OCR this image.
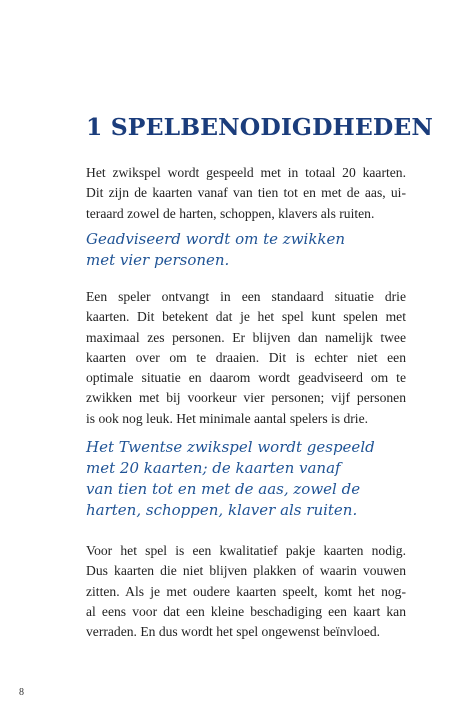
1 SPELBENODIGDHEDEN

Het zwikspel wordt gespeeld met in totaal 20 kaarten.
Dit zijn de kaarten vanaf van tien tot en met de aas, ui-
teraard zowel de harten, schoppen, klavers als ruiten.

Geadviseerd wordt om te zwikken
met vier personen.

Een speler ontvangt in een standaard situatie drie
kaarten. Dit betekent dat je het spel kunt spelen met
maximaal zes personen. Er blijven dan namelijk twee
kaarten over om te draaien. Dit is echter niet een
optimale situatie en daarom wordt geadviseerd om te
zwikken met bij voorkeur vier personen; vijf personen
is ook nog leuk. Het minimale aantal spelers is drie.

Het Twentse zwikspel wordt gespeeld
met 20 kaarten; de kaarten vanaf
van tien tot en met de aas, zowel de
harten, schoppen, klaver als ruiten.

Voor het spel is een kwalitatief pakje kaarten nodig.
Dus kaarten die niet blijven plakken of waarin vouwen
zitten. Als je met oudere kaarten speelt, komt het nog-
al eens voor dat een kleine beschadiging een kaart kan
verraden. En dus wordt het spel ongewenst beïnvloed.

8
